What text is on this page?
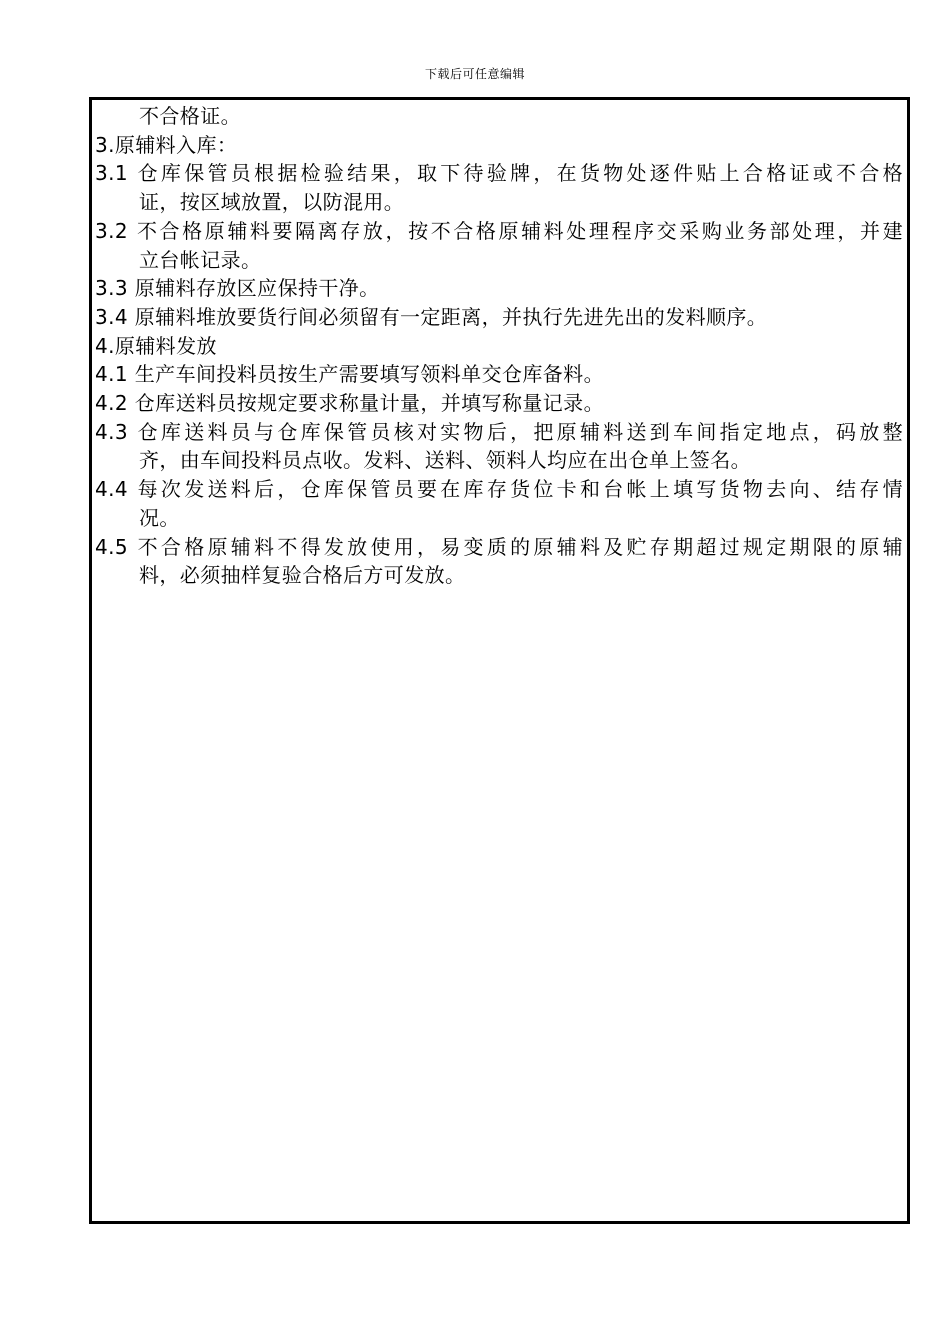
下载后可任意编辑
不合格证。
3.原辅料入库：
3.1 仓库保管员根据检验结果，取下待验牌，在货物处逐件贴上合格证或不合格
证，按区域放置，以防混用。
3.2 不合格原辅料要隔离存放，按不合格原辅料处理程序交采购业务部处理，并建
立台帐记录。
3.3 原辅料存放区应保持干净。
3.4 原辅料堆放要货行间必须留有一定距离，并执行先进先出的发料顺序。
4.原辅料发放
4.1 生产车间投料员按生产需要填写领料单交仓库备料。
4.2 仓库送料员按规定要求称量计量，并填写称量记录。
4.3 仓库送料员与仓库保管员核对实物后，把原辅料送到车间指定地点，码放整
齐，由车间投料员点收。发料、送料、领料人均应在出仓单上签名。
4.4 每次发送料后，仓库保管员要在库存货位卡和台帐上填写货物去向、结存情
况。
4.5 不合格原辅料不得发放使用，易变质的原辅料及贮存期超过规定期限的原辅
料，必须抽样复验合格后方可发放。
